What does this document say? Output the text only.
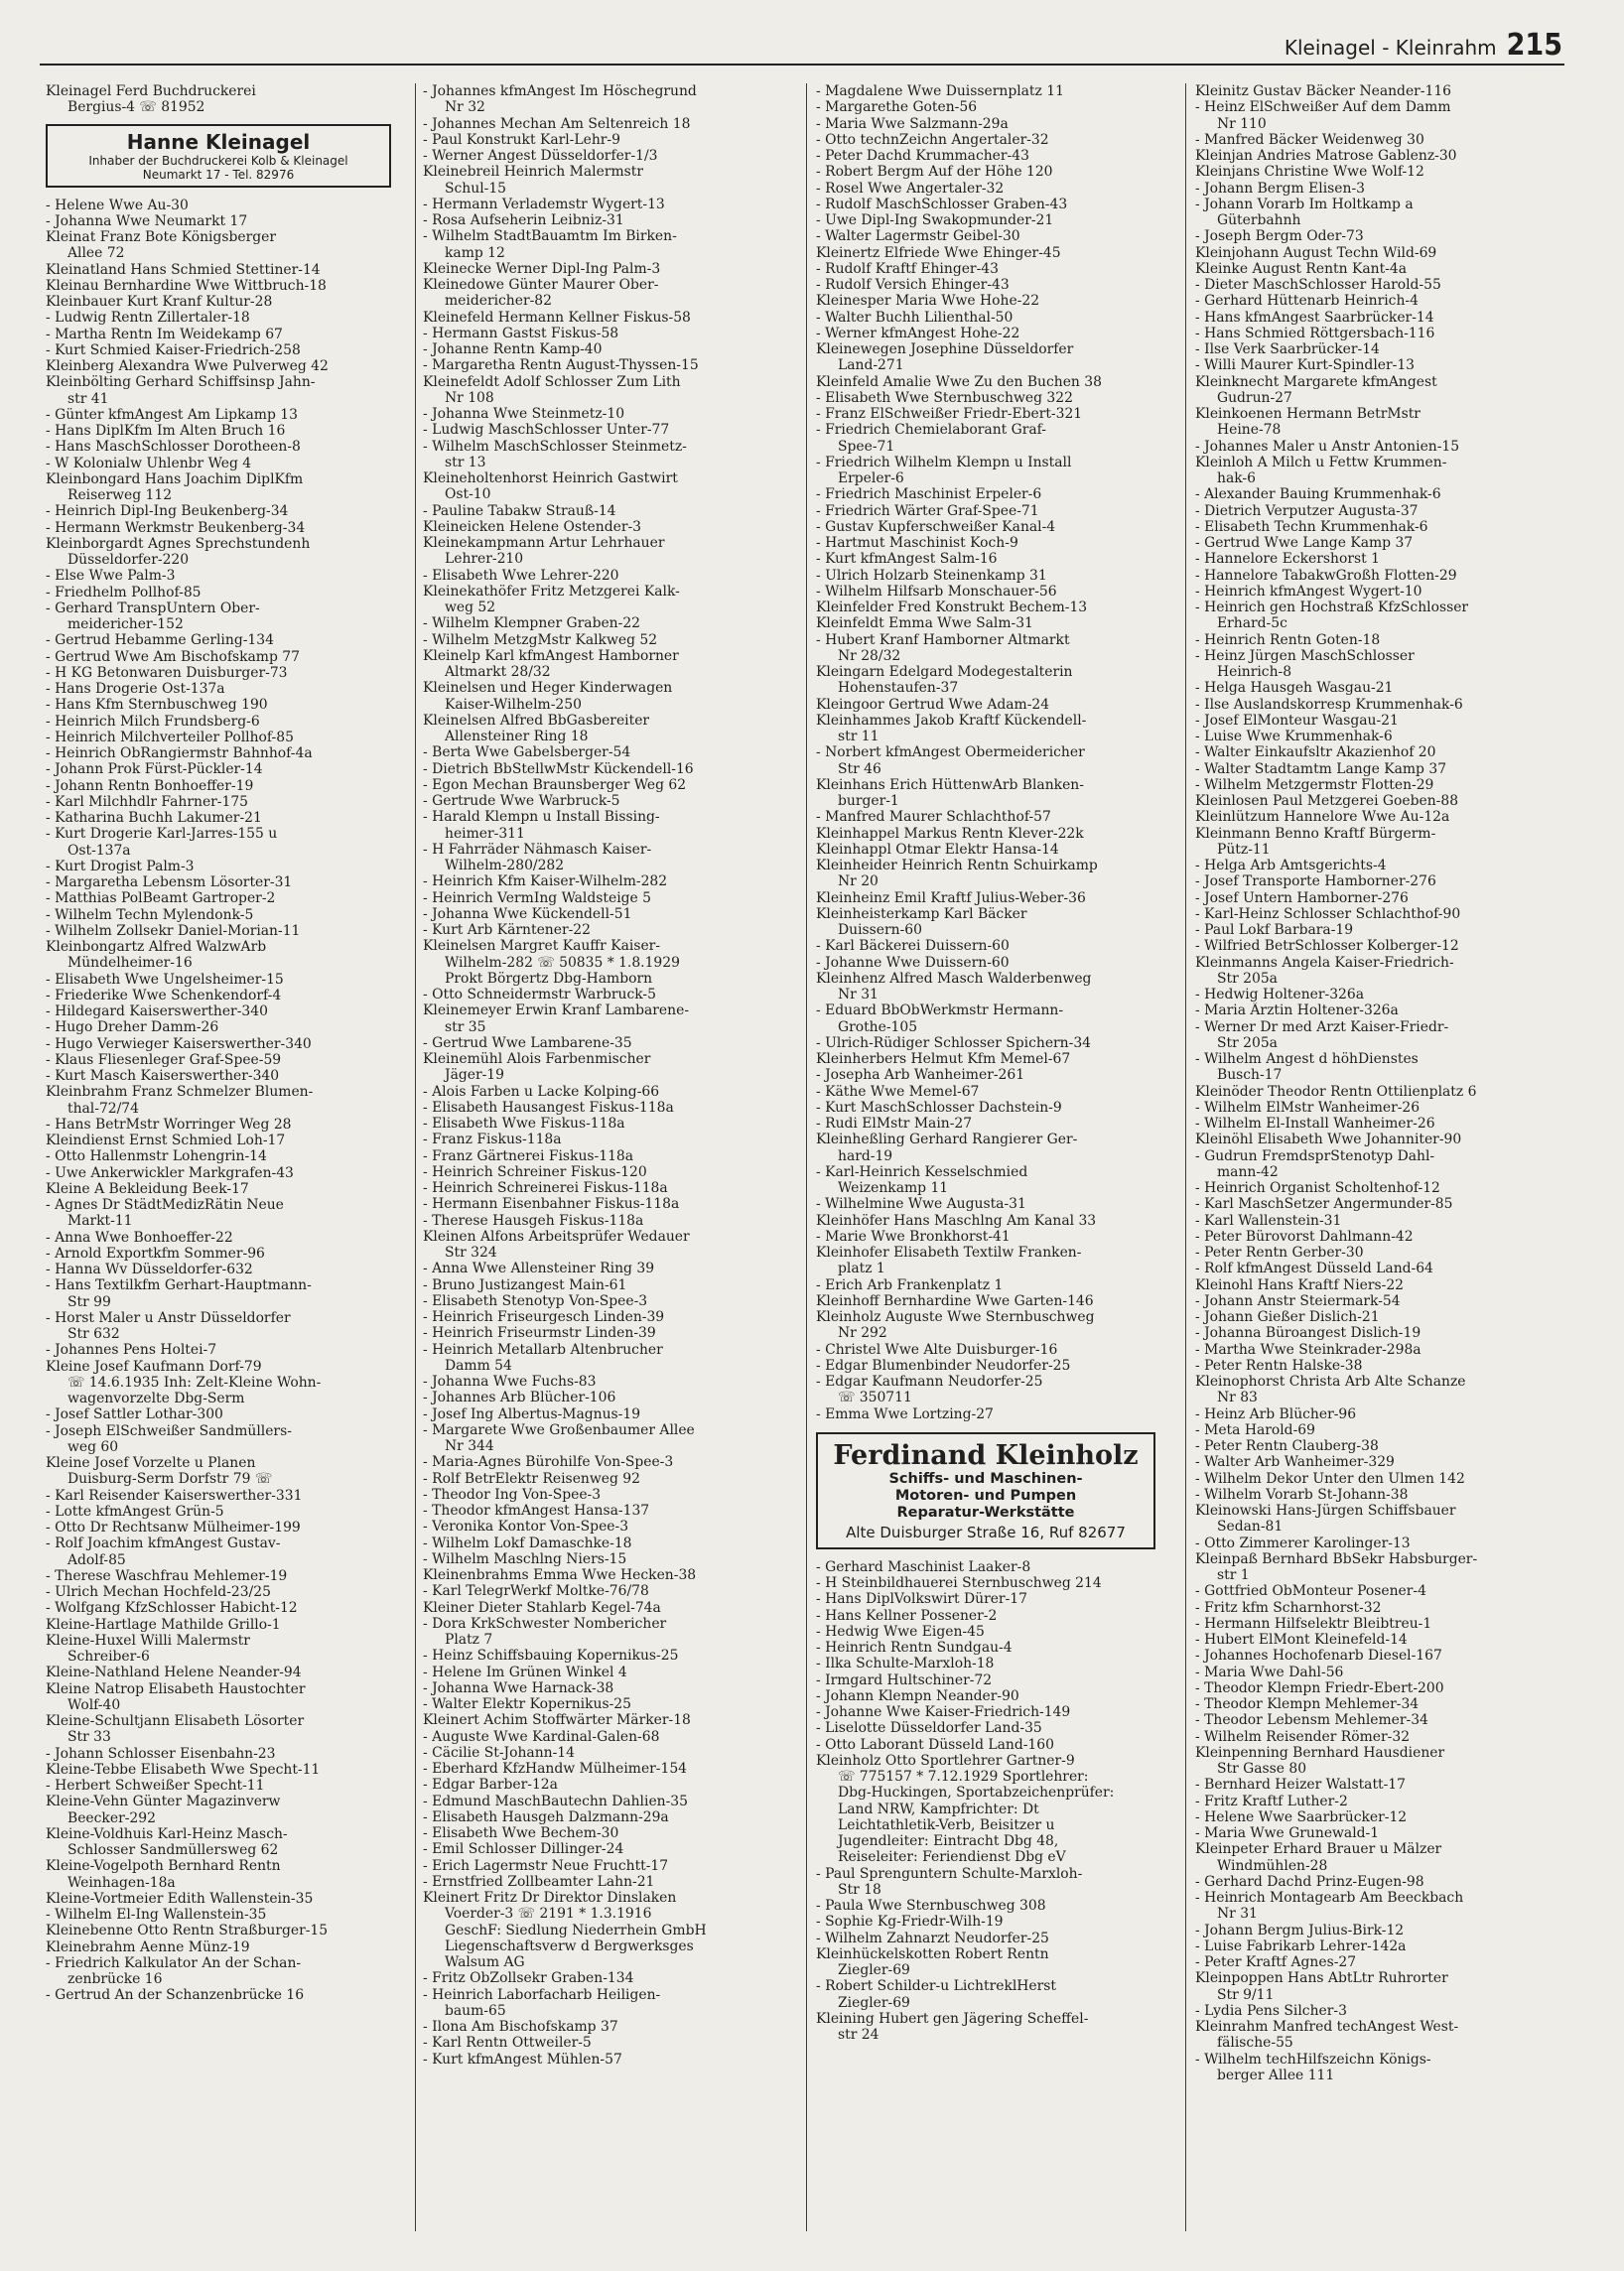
Kleinagel - Kleinrahm 215
Kleinagel Ferd Buchdruckerei
Bergius-4 ☏ 81952
Hanne Kleinagel
Inhaber der Buchdruckerei Kolb & Kleinagel
Neumarkt 17 - Tel. 82976
- Helene Wwe Au-30
- Johanna Wwe Neumarkt 17
Kleinat Franz Bote Königsberger
Allee 72
Kleinatland Hans Schmied Stettiner-14
Kleinau Bernhardine Wwe Wittbruch-18
Kleinbauer Kurt Kranf Kultur-28
- Ludwig Rentn Zillertaler-18
- Martha Rentn Im Weidekamp 67
- Kurt Schmied Kaiser-Friedrich-258
Kleinberg Alexandra Wwe Pulverweg 42
Kleinbölting Gerhard Schiffsinsp Jahn-
str 41
- Günter kfmAngest Am Lipkamp 13
- Hans DiplKfm Im Alten Bruch 16
- Hans MaschSchlosser Dorotheen-8
- W Kolonialw Uhlenbr Weg 4
Kleinbongard Hans Joachim DiplKfm
Reiserweg 112
- Heinrich Dipl-Ing Beukenberg-34
- Hermann Werkmstr Beukenberg-34
Kleinborgardt Agnes Sprechstundenh
Düsseldorfer-220
- Else Wwe Palm-3
- Friedhelm Pollhof-85
- Gerhard TranspUntern Ober-
meidericher-152
- Gertrud Hebamme Gerling-134
- Gertrud Wwe Am Bischofskamp 77
- H KG Betonwaren Duisburger-73
- Hans Drogerie Ost-137a
- Hans Kfm Sternbuschweg 190
- Heinrich Milch Frundsberg-6
- Heinrich Milchverteiler Pollhof-85
- Heinrich ObRangiermstr Bahnhof-4a
- Johann Prok Fürst-Pückler-14
- Johann Rentn Bonhoeffer-19
- Karl Milchhdlr Fahrner-175
- Katharina Buchh Lakumer-21
- Kurt Drogerie Karl-Jarres-155 u
Ost-137a
- Kurt Drogist Palm-3
- Margaretha Lebensm Lösorter-31
- Matthias PolBeamt Gartroper-2
- Wilhelm Techn Mylendonk-5
- Wilhelm Zollsekr Daniel-Morian-11
Kleinbongartz Alfred WalzwArb
Mündelheimer-16
- Elisabeth Wwe Ungelsheimer-15
- Friederike Wwe Schenkendorf-4
- Hildegard Kaiserswerther-340
- Hugo Dreher Damm-26
- Hugo Verwieger Kaiserswerther-340
- Klaus Fliesenleger Graf-Spee-59
- Kurt Masch Kaiserswerther-340
Kleinbrahm Franz Schmelzer Blumen-
thal-72/74
- Hans BetrMstr Worringer Weg 28
Kleindienst Ernst Schmied Loh-17
- Otto Hallenmstr Lohengrin-14
- Uwe Ankerwickler Markgrafen-43
Kleine A Bekleidung Beek-17
- Agnes Dr StädtMedizRätin Neue
Markt-11
- Anna Wwe Bonhoeffer-22
- Arnold Exportkfm Sommer-96
- Hanna Wv Düsseldorfer-632
- Hans Textilkfm Gerhart-Hauptmann-
Str 99
- Horst Maler u Anstr Düsseldorfer
Str 632
- Johannes Pens Holtei-7
Kleine Josef Kaufmann Dorf-79
☏ 14.6.1935 Inh: Zelt-Kleine Wohn-
wagenvorzelte Dbg-Serm
- Josef Sattler Lothar-300
- Joseph ElSchweißer Sandmüllers-
weg 60
Kleine Josef Vorzelte u Planen
Duisburg-Serm Dorfstr 79 ☏
- Karl Reisender Kaiserswerther-331
- Lotte kfmAngest Grün-5
- Otto Dr Rechtsanw Mülheimer-199
- Rolf Joachim kfmAngest Gustav-
Adolf-85
- Therese Waschfrau Mehlemer-19
- Ulrich Mechan Hochfeld-23/25
- Wolfgang KfzSchlosser Habicht-12
Kleine-Hartlage Mathilde Grillo-1
Kleine-Huxel Willi Malermstr
Schreiber-6
Kleine-Nathland Helene Neander-94
Kleine Natrop Elisabeth Haustochter
Wolf-40
Kleine-Schultjann Elisabeth Lösorter
Str 33
- Johann Schlosser Eisenbahn-23
Kleine-Tebbe Elisabeth Wwe Specht-11
- Herbert Schweißer Specht-11
Kleine-Vehn Günter Magazinverw
Beecker-292
Kleine-Voldhuis Karl-Heinz Masch-
Schlosser Sandmüllersweg 62
Kleine-Vogelpoth Bernhard Rentn
Weinhagen-18a
Kleine-Vortmeier Edith Wallenstein-35
- Wilhelm El-Ing Wallenstein-35
Kleinebenne Otto Rentn Straßburger-15
Kleinebrahm Aenne Münz-19
- Friedrich Kalkulator An der Schan-
zenbrücke 16
- Gertrud An der Schanzenbrücke 16
- Johannes kfmAngest Im Höschegrund
Nr 32
- Johannes Mechan Am Seltenreich 18
- Paul Konstrukt Karl-Lehr-9
- Werner Angest Düsseldorfer-1/3
Kleinebreil Heinrich Malermstr
Schul-15
- Hermann Verlademstr Wygert-13
- Rosa Aufseherin Leibniz-31
- Wilhelm StadtBauamtm Im Birken-
kamp 12
Kleinecke Werner Dipl-Ing Palm-3
Kleinedowe Günter Maurer Ober-
meidericher-82
Kleinefeld Hermann Kellner Fiskus-58
- Hermann Gastst Fiskus-58
- Johanne Rentn Kamp-40
- Margaretha Rentn August-Thyssen-15
Kleinefeldt Adolf Schlosser Zum Lith
Nr 108
- Johanna Wwe Steinmetz-10
- Ludwig MaschSchlosser Unter-77
- Wilhelm MaschSchlosser Steinmetz-
str 13
Kleineholtenhorst Heinrich Gastwirt
Ost-10
- Pauline Tabakw Strauß-14
Kleineicken Helene Ostender-3
Kleinekampmann Artur Lehrhauer
Lehrer-210
- Elisabeth Wwe Lehrer-220
Kleinekathöfer Fritz Metzgerei Kalk-
weg 52
- Wilhelm Klempner Graben-22
- Wilhelm MetzgMstr Kalkweg 52
Kleinelp Karl kfmAngest Hamborner
Altmarkt 28/32
Kleinelsen und Heger Kinderwagen
Kaiser-Wilhelm-250
Kleinelsen Alfred BbGasbereiter
Allensteiner Ring 18
- Berta Wwe Gabelsberger-54
- Dietrich BbStellwMstr Kückendell-16
- Egon Mechan Braunsberger Weg 62
- Gertrude Wwe Warbruck-5
- Harald Klempn u Install Bissing-
heimer-311
- H Fahrräder Nähmasch Kaiser-
Wilhelm-280/282
- Heinrich Kfm Kaiser-Wilhelm-282
- Heinrich VermIng Waldsteige 5
- Johanna Wwe Kückendell-51
- Kurt Arb Kärntener-22
Kleinelsen Margret Kauffr Kaiser-
Wilhelm-282 ☏ 50835 * 1.8.1929
Prokt Börgertz Dbg-Hamborn
- Otto Schneidermstr Warbruck-5
Kleinemeyer Erwin Kranf Lambarene-
str 35
- Gertrud Wwe Lambarene-35
Kleinemühl Alois Farbenmischer
Jäger-19
- Alois Farben u Lacke Kolping-66
- Elisabeth Hausangest Fiskus-118a
- Elisabeth Wwe Fiskus-118a
- Franz Fiskus-118a
- Franz Gärtnerei Fiskus-118a
- Heinrich Schreiner Fiskus-120
- Heinrich Schreinerei Fiskus-118a
- Hermann Eisenbahner Fiskus-118a
- Therese Hausgeh Fiskus-118a
Kleinen Alfons Arbeitsprüfer Wedauer
Str 324
- Anna Wwe Allensteiner Ring 39
- Bruno Justizangest Main-61
- Elisabeth Stenotyp Von-Spee-3
- Heinrich Friseurgesch Linden-39
- Heinrich Friseurmstr Linden-39
- Heinrich Metallarb Altenbrucher
Damm 54
- Johanna Wwe Fuchs-83
- Johannes Arb Blücher-106
- Josef Ing Albertus-Magnus-19
- Margarete Wwe Großenbaumer Allee
Nr 344
- Maria-Agnes Bürohilfe Von-Spee-3
- Rolf BetrElektr Reisenweg 92
- Theodor Ing Von-Spee-3
- Theodor kfmAngest Hansa-137
- Veronika Kontor Von-Spee-3
- Wilhelm Lokf Damaschke-18
- Wilhelm Maschlng Niers-15
Kleinenbrahms Emma Wwe Hecken-38
- Karl TelegrWerkf Moltke-76/78
Kleiner Dieter Stahlarb Kegel-74a
- Dora KrkSchwester Nombericher
Platz 7
- Heinz Schiffsbauing Kopernikus-25
- Helene Im Grünen Winkel 4
- Johanna Wwe Harnack-38
- Walter Elektr Kopernikus-25
Kleinert Achim Stoffwärter Märker-18
- Auguste Wwe Kardinal-Galen-68
- Cäcilie St-Johann-14
- Eberhard KfzHandw Mülheimer-154
- Edgar Barber-12a
- Edmund MaschBautechn Dahlien-35
- Elisabeth Hausgeh Dalzmann-29a
- Elisabeth Wwe Bechem-30
- Emil Schlosser Dillinger-24
- Erich Lagermstr Neue Fruchtt-17
- Ernstfried Zollbeamter Lahn-21
Kleinert Fritz Dr Direktor Dinslaken
Voerder-3 ☏ 2191 * 1.3.1916
GeschF: Siedlung Niederrhein GmbH
Liegenschaftsverw d Bergwerksges
Walsum AG
- Fritz ObZollsekr Graben-134
- Heinrich Laborfacharb Heiligen-
baum-65
- Ilona Am Bischofskamp 37
- Karl Rentn Ottweiler-5
- Kurt kfmAngest Mühlen-57
- Magdalene Wwe Duissernplatz 11
- Margarethe Goten-56
- Maria Wwe Salzmann-29a
- Otto technZeichn Angertaler-32
- Peter Dachd Krummacher-43
- Robert Bergm Auf der Höhe 120
- Rosel Wwe Angertaler-32
- Rudolf MaschSchlosser Graben-43
- Uwe Dipl-Ing Swakopmunder-21
- Walter Lagermstr Geibel-30
Kleinertz Elfriede Wwe Ehinger-45
- Rudolf Kraftf Ehinger-43
- Rudolf Versich Ehinger-43
Kleinesper Maria Wwe Hohe-22
- Walter Buchh Lilienthal-50
- Werner kfmAngest Hohe-22
Kleinewegen Josephine Düsseldorfer
Land-271
Kleinfeld Amalie Wwe Zu den Buchen 38
- Elisabeth Wwe Sternbuschweg 322
- Franz ElSchweißer Friedr-Ebert-321
- Friedrich Chemielaborant Graf-
Spee-71
- Friedrich Wilhelm Klempn u Install
Erpeler-6
- Friedrich Maschinist Erpeler-6
- Friedrich Wärter Graf-Spee-71
- Gustav Kupferschweißer Kanal-4
- Hartmut Maschinist Koch-9
- Kurt kfmAngest Salm-16
- Ulrich Holzarb Steinenkamp 31
- Wilhelm Hilfsarb Monschauer-56
Kleinfelder Fred Konstrukt Bechem-13
Kleinfeldt Emma Wwe Salm-31
- Hubert Kranf Hamborner Altmarkt
Nr 28/32
Kleingarn Edelgard Modegestalterin
Hohenstaufen-37
Kleingoor Gertrud Wwe Adam-24
Kleinhammes Jakob Kraftf Kückendell-
str 11
- Norbert kfmAngest Obermeidericher
Str 46
Kleinhans Erich HüttenwArb Blanken-
burger-1
- Manfred Maurer Schlachthof-57
Kleinhappel Markus Rentn Klever-22k
Kleinhappl Otmar Elektr Hansa-14
Kleinheider Heinrich Rentn Schuirkamp
Nr 20
Kleinheinz Emil Kraftf Julius-Weber-36
Kleinheisterkamp Karl Bäcker
Duissern-60
- Karl Bäckerei Duissern-60
- Johanne Wwe Duissern-60
Kleinhenz Alfred Masch Walderbenweg
Nr 31
- Eduard BbObWerkmstr Hermann-
Grothe-105
- Ulrich-Rüdiger Schlosser Spichern-34
Kleinherbers Helmut Kfm Memel-67
- Josepha Arb Wanheimer-261
- Käthe Wwe Memel-67
- Kurt MaschSchlosser Dachstein-9
- Rudi ElMstr Main-27
Kleinheßling Gerhard Rangierer Ger-
hard-19
- Karl-Heinrich Kesselschmied
Weizenkamp 11
- Wilhelmine Wwe Augusta-31
Kleinhöfer Hans Maschlng Am Kanal 33
- Marie Wwe Bronkhorst-41
Kleinhofer Elisabeth Textilw Franken-
platz 1
- Erich Arb Frankenplatz 1
Kleinhoff Bernhardine Wwe Garten-146
Kleinholz Auguste Wwe Sternbuschweg
Nr 292
- Christel Wwe Alte Duisburger-16
- Edgar Blumenbinder Neudorfer-25
- Edgar Kaufmann Neudorfer-25
☏ 350711
- Emma Wwe Lortzing-27
Ferdinand Kleinholz
Schiffs- und Maschinen-
Motoren- und Pumpen
Reparatur-Werkstätte
Alte Duisburger Straße 16, Ruf 82677
- Gerhard Maschinist Laaker-8
- H Steinbildhauerei Sternbuschweg 214
- Hans DiplVolkswirt Dürer-17
- Hans Kellner Possener-2
- Hedwig Wwe Eigen-45
- Heinrich Rentn Sundgau-4
- Ilka Schulte-Marxloh-18
- Irmgard Hultschiner-72
- Johann Klempn Neander-90
- Johanne Wwe Kaiser-Friedrich-149
- Liselotte Düsseldorfer Land-35
- Otto Laborant Düsseld Land-160
Kleinholz Otto Sportlehrer Gartner-9
☏ 775157 * 7.12.1929 Sportlehrer:
Dbg-Huckingen, Sportabzeichenprüfer:
Land NRW, Kampfrichter: Dt
Leichtathletik-Verb, Beisitzer u
Jugendleiter: Eintracht Dbg 48,
Reiseleiter: Feriendienst Dbg eV
- Paul Sprenguntern Schulte-Marxloh-
Str 18
- Paula Wwe Sternbuschweg 308
- Sophie Kg-Friedr-Wilh-19
- Wilhelm Zahnarzt Neudorfer-25
Kleinhückelskotten Robert Rentn
Ziegler-69
- Robert Schilder-u LichtreklHerst
Ziegler-69
Kleining Hubert gen Jägering Scheffel-
str 24
Kleinitz Gustav Bäcker Neander-116
- Heinz ElSchweißer Auf dem Damm
Nr 110
- Manfred Bäcker Weidenweg 30
Kleinjan Andries Matrose Gablenz-30
Kleinjans Christine Wwe Wolf-12
- Johann Bergm Elisen-3
- Johann Vorarb Im Holtkamp a
Güterbahnh
- Joseph Bergm Oder-73
Kleinjohann August Techn Wild-69
Kleinke August Rentn Kant-4a
- Dieter MaschSchlosser Harold-55
- Gerhard Hüttenarb Heinrich-4
- Hans kfmAngest Saarbrücker-14
- Hans Schmied Röttgersbach-116
- Ilse Verk Saarbrücker-14
- Willi Maurer Kurt-Spindler-13
Kleinknecht Margarete kfmAngest
Gudrun-27
Kleinkoenen Hermann BetrMstr
Heine-78
- Johannes Maler u Anstr Antonien-15
Kleinloh A Milch u Fettw Krummen-
hak-6
- Alexander Bauing Krummenhak-6
- Dietrich Verputzer Augusta-37
- Elisabeth Techn Krummenhak-6
- Gertrud Wwe Lange Kamp 37
- Hannelore Eckershorst 1
- Hannelore TabakwGroßh Flotten-29
- Heinrich kfmAngest Wygert-10
- Heinrich gen Hochstraß KfzSchlosser
Erhard-5c
- Heinrich Rentn Goten-18
- Heinz Jürgen MaschSchlosser
Heinrich-8
- Helga Hausgeh Wasgau-21
- Ilse Auslandskorresp Krummenhak-6
- Josef ElMonteur Wasgau-21
- Luise Wwe Krummenhak-6
- Walter Einkaufsltr Akazienhof 20
- Walter Stadtamtm Lange Kamp 37
- Wilhelm Metzgermstr Flotten-29
Kleinlosen Paul Metzgerei Goeben-88
Kleinlützum Hannelore Wwe Au-12a
Kleinmann Benno Kraftf Bürgerm-
Pütz-11
- Helga Arb Amtsgerichts-4
- Josef Transporte Hamborner-276
- Josef Untern Hamborner-276
- Karl-Heinz Schlosser Schlachthof-90
- Paul Lokf Barbara-19
- Wilfried BetrSchlosser Kolberger-12
Kleinmanns Angela Kaiser-Friedrich-
Str 205a
- Hedwig Holtener-326a
- Maria Ärztin Holtener-326a
- Werner Dr med Arzt Kaiser-Friedr-
Str 205a
- Wilhelm Angest d höhDienstes
Busch-17
Kleinöder Theodor Rentn Ottilienplatz 6
- Wilhelm ElMstr Wanheimer-26
- Wilhelm El-Install Wanheimer-26
Kleinöhl Elisabeth Wwe Johanniter-90
- Gudrun FremdsprStenotyp Dahl-
mann-42
- Heinrich Organist Scholtenhof-12
- Karl MaschSetzer Angermunder-85
- Karl Wallenstein-31
- Peter Bürovorst Dahlmann-42
- Peter Rentn Gerber-30
- Rolf kfmAngest Düsseld Land-64
Kleinohl Hans Kraftf Niers-22
- Johann Anstr Steiermark-54
- Johann Gießer Dislich-21
- Johanna Büroangest Dislich-19
- Martha Wwe Steinkrader-298a
- Peter Rentn Halske-38
Kleinophorst Christa Arb Alte Schanze
Nr 83
- Heinz Arb Blücher-96
- Meta Harold-69
- Peter Rentn Clauberg-38
- Walter Arb Wanheimer-329
- Wilhelm Dekor Unter den Ulmen 142
- Wilhelm Vorarb St-Johann-38
Kleinowski Hans-Jürgen Schiffsbauer
Sedan-81
- Otto Zimmerer Karolinger-13
Kleinpaß Bernhard BbSekr Habsburger-
str 1
- Gottfried ObMonteur Posener-4
- Fritz kfm Scharnhorst-32
- Hermann Hilfselektr Bleibtreu-1
- Hubert ElMont Kleinefeld-14
- Johannes Hochofenarb Diesel-167
- Maria Wwe Dahl-56
- Theodor Klempn Friedr-Ebert-200
- Theodor Klempn Mehlemer-34
- Theodor Lebensm Mehlemer-34
- Wilhelm Reisender Römer-32
Kleinpenning Bernhard Hausdiener
Str Gasse 80
- Bernhard Heizer Walstatt-17
- Fritz Kraftf Luther-2
- Helene Wwe Saarbrücker-12
- Maria Wwe Grunewald-1
Kleinpeter Erhard Brauer u Mälzer
Windmühlen-28
- Gerhard Dachd Prinz-Eugen-98
- Heinrich Montagearb Am Beeckbach
Nr 31
- Johann Bergm Julius-Birk-12
- Luise Fabrikarb Lehrer-142a
- Peter Kraftf Agnes-27
Kleinpoppen Hans AbtLtr Ruhrorter
Str 9/11
- Lydia Pens Silcher-3
Kleinrahm Manfred techAngest West-
fälische-55
- Wilhelm techHilfszeichn Königs-
berger Allee 111
